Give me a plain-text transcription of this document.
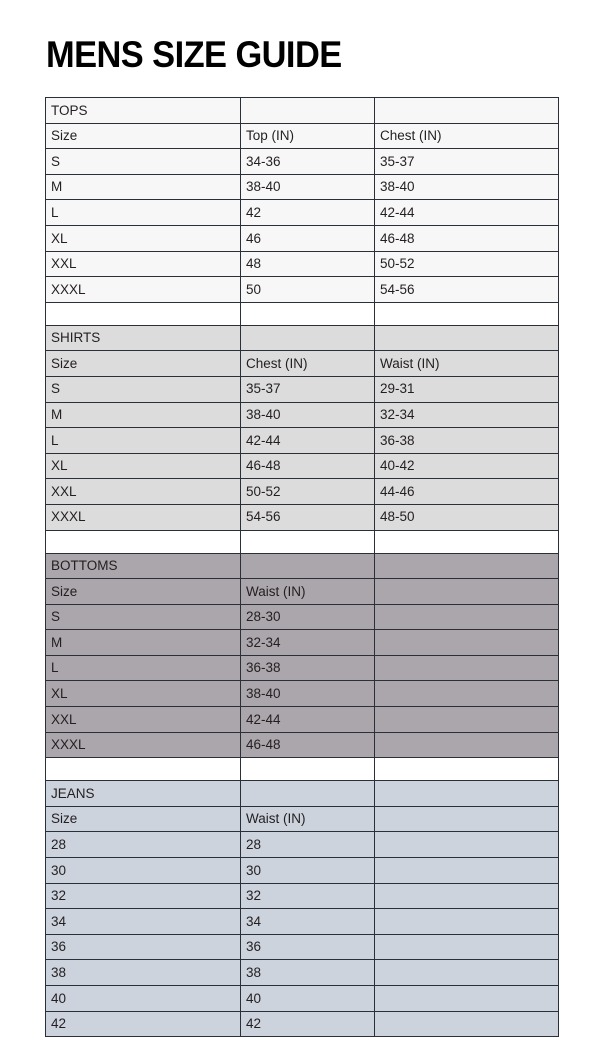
MENS SIZE GUIDE
TOPS		
Size	Top (IN)	Chest (IN)
S	34-36	35-37
M	38-40	38-40
L	42	42-44
XL	46	46-48
XXL	48	50-52
XXXL	50	54-56

SHIRTS		
Size	Chest (IN)	Waist (IN)
S	35-37	29-31
M	38-40	32-34
L	42-44	36-38
XL	46-48	40-42
XXL	50-52	44-46
XXXL	54-56	48-50

BOTTOMS		
Size	Waist (IN)	
S	28-30	
M	32-34	
L	36-38	
XL	38-40	
XXL	42-44	
XXXL	46-48	

JEANS		
Size	Waist (IN)	
28	28	
30	30	
32	32	
34	34	
36	36	
38	38	
40	40	
42	42	
